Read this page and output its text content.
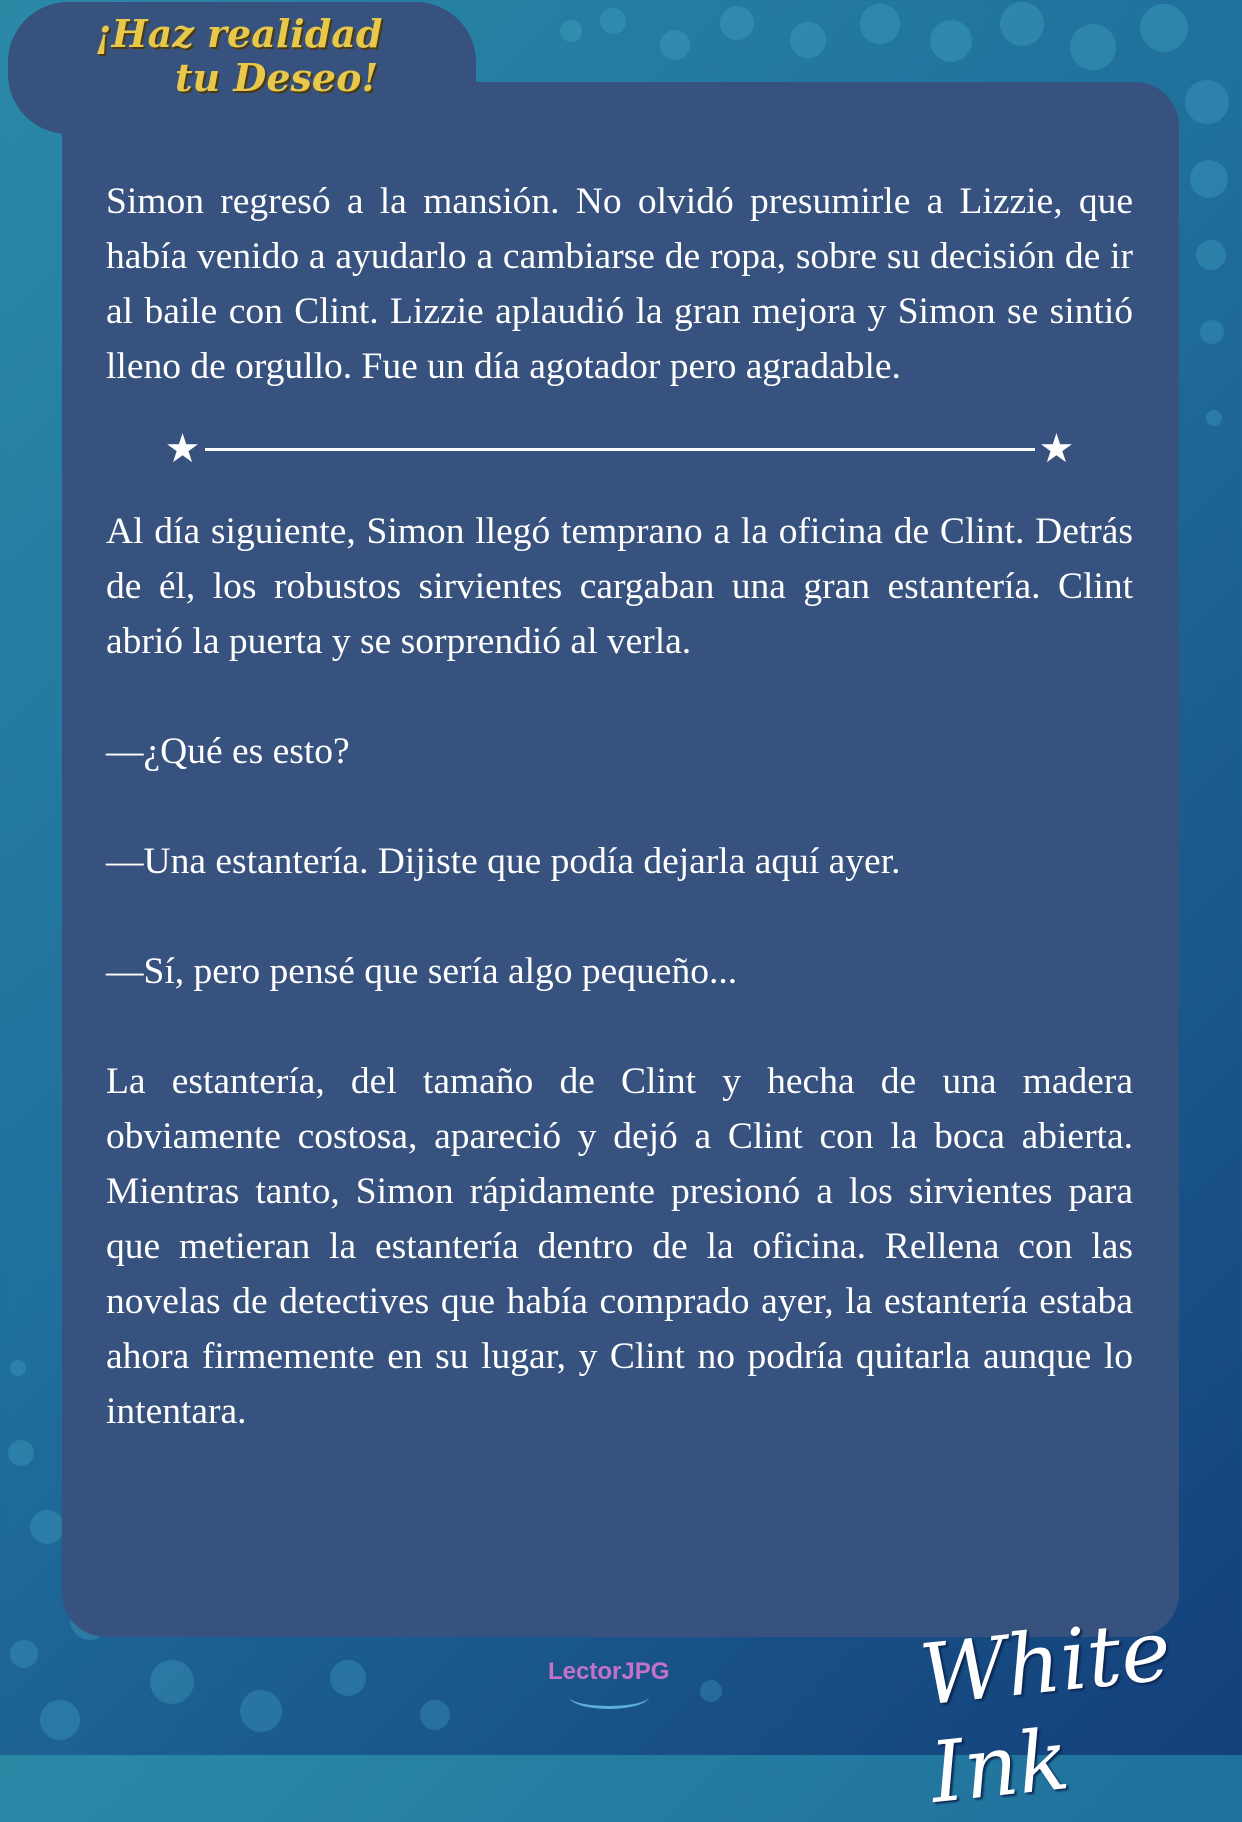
¡Haz realidad
tu Deseo!

Simon regresó a la mansión. No olvidó presumirle a Lizzie, que había venido a ayudarlo a cambiarse de ropa, sobre su decisión de ir al baile con Clint. Lizzie aplaudió la gran mejora y Simon se sintió lleno de orgullo. Fue un día agotador pero agradable.

★	★

Al día siguiente, Simon llegó temprano a la oficina de Clint. Detrás de él, los robustos sirvientes cargaban una gran estantería. Clint abrió la puerta y se sorprendió al verla.

—¿Qué es esto?

—Una estantería. Dijiste que podía dejarla aquí ayer.

—Sí, pero pensé que sería algo pequeño...

La estantería, del tamaño de Clint y hecha de una madera obviamente costosa, apareció y dejó a Clint con la boca abierta. Mientras tanto, Simon rápidamente presionó a los sirvientes para que metieran la estantería dentro de la oficina. Rellena con las novelas de detectives que había comprado ayer, la estantería estaba ahora firmemente en su lugar, y Clint no podría quitarla aunque lo intentara.

LectorJPG	White Ink
